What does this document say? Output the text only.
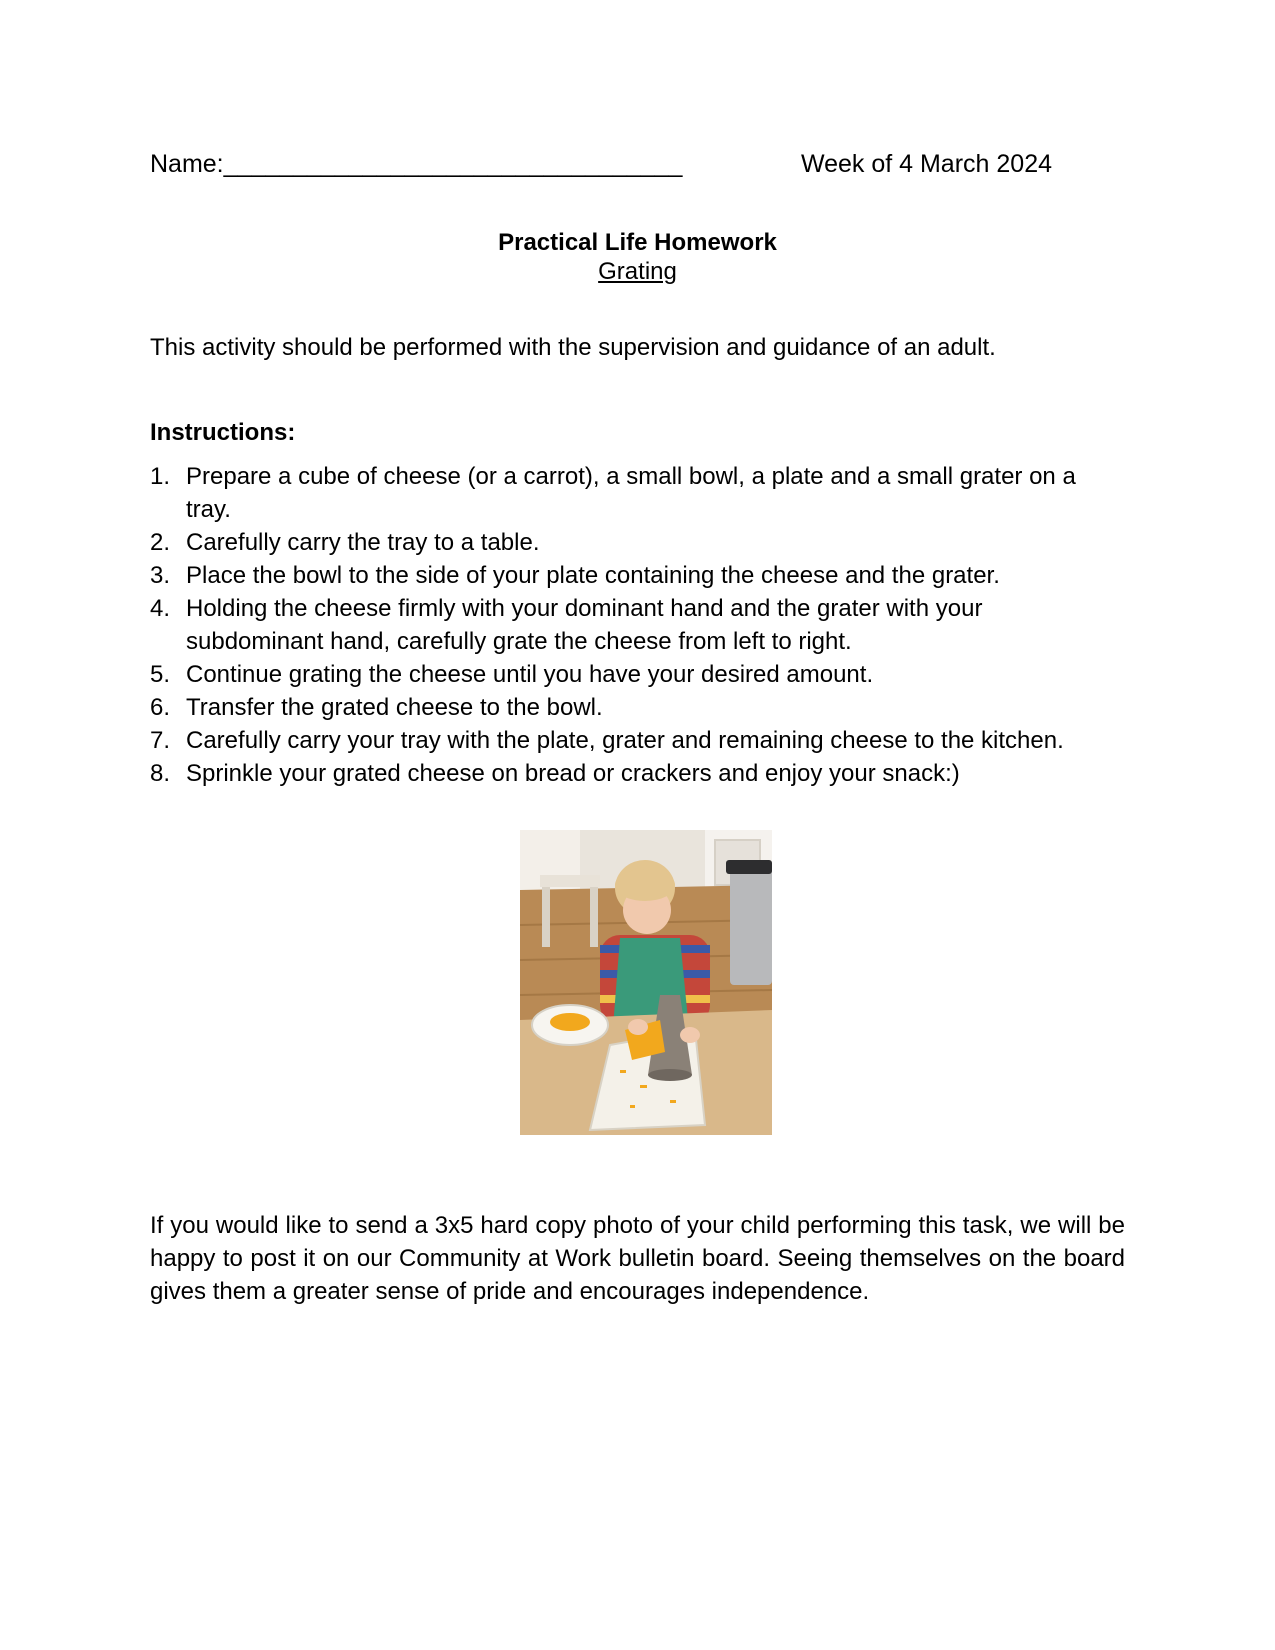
Name:_________________________________	Week of 4 March 2024
Practical Life Homework
Grating
This activity should be performed with the supervision and guidance of an adult.
Instructions:
1. Prepare a cube of cheese (or a carrot), a small bowl, a plate and a small grater on a tray.
2. Carefully carry the tray to a table.
3. Place the bowl to the side of your plate containing the cheese and the grater.
4. Holding the cheese firmly with your dominant hand and the grater with your subdominant hand, carefully grate the cheese from left to right.
5. Continue grating the cheese until you have your desired amount.
6. Transfer the grated cheese to the bowl.
7. Carefully carry your tray with the plate, grater and remaining cheese to the kitchen.
8. Sprinkle your grated cheese on bread or crackers and enjoy your snack:)

If you would like to send a 3x5 hard copy photo of your child performing this task, we will be happy to post it on our Community at Work bulletin board. Seeing themselves on the board gives them a greater sense of pride and encourages independence.
